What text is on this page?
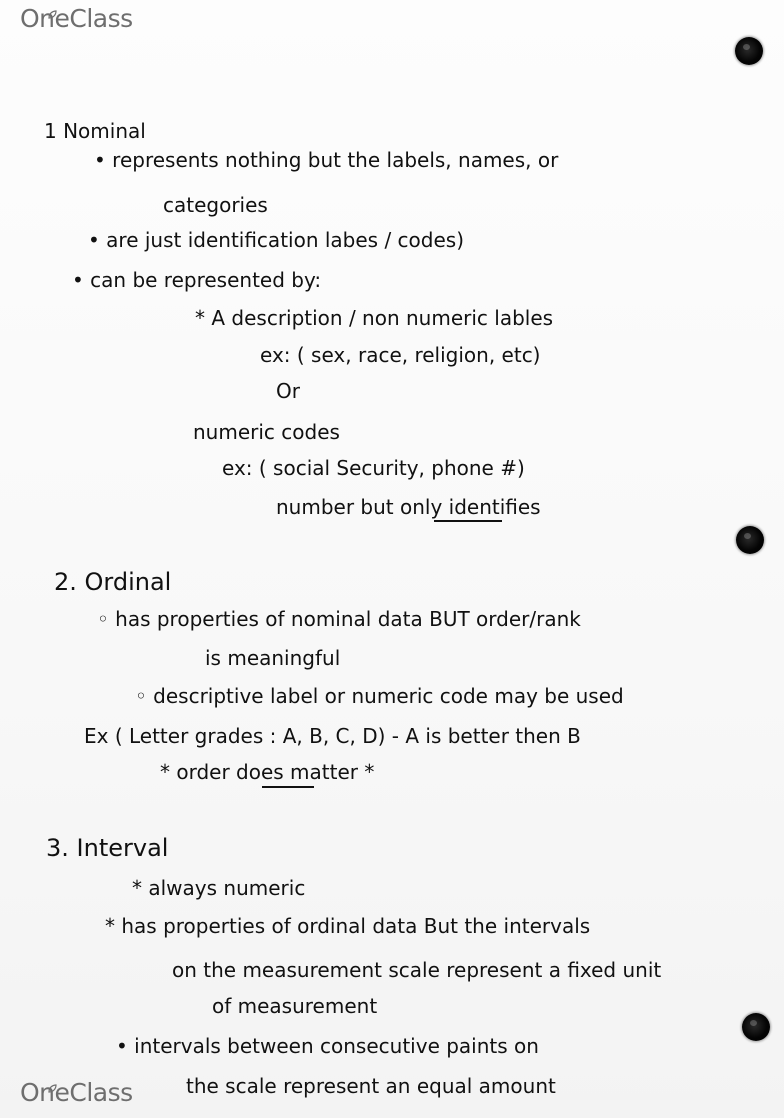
OneClass
1 Nominal
• represents nothing but the labels, names, or
categories
• are just identification labes / codes)
• can be represented by:
* A description / non numeric lables
ex: ( sex, race, religion, etc)
Or
numeric codes
ex: ( social Security, phone #)
number but only identifies
2. Ordinal
◦ has properties of nominal data BUT order/rank
is meaningful
◦ descriptive label or numeric code may be used
Ex ( Letter grades : A, B, C, D) - A is better then B
* order does matter *
3. Interval
* always numeric
* has properties of ordinal data But the intervals
on the measurement scale represent a fixed unit
of measurement
• intervals between consecutive paints on
the scale represent an equal amount
OneClass
